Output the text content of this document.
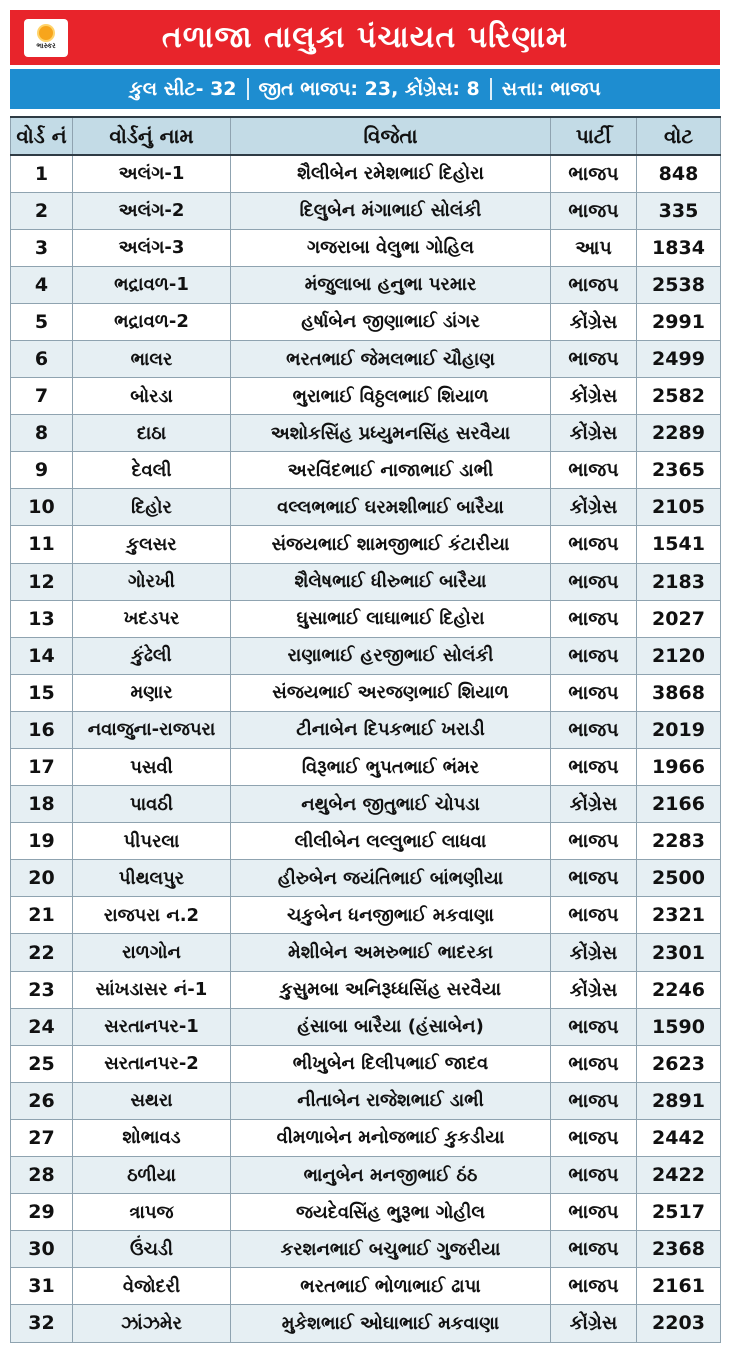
ભાસ્કર	તળાજા તાલુકા પંચાયત પરિણામ
કુલ સીટ- 32 જીત ભાજપ: 23, કોંગ્રેસ: 8 સત્તા: ભાજપ
વોર્ડ નં	વોર્ડનું નામ	વિજેતા	પાર્ટી	વોટ
1	અલંગ-1	શૈલીબેન રમેશભાઈ દિહોરા	ભાજપ	848
2	અલંગ-2	દિલુબેન મંગાભાઈ સોલંકી	ભાજપ	335
3	અલંગ-3	ગજરાબા વેલુભા ગોહિલ	આપ	1834
4	ભદ્રાવળ-1	મંજુલાબા હનુભા પરમાર	ભાજપ	2538
5	ભદ્રાવળ-2	હર્ષાબેન જીણાભાઈ ડાંગર	કોંગ્રેસ	2991
6	ભાલર	ભરતભાઈ જેમલભાઈ ચૌહાણ	ભાજપ	2499
7	બોરડા	ભુરાભાઈ વિઠ્ઠલભાઈ શિયાળ	કોંગ્રેસ	2582
8	દાઠા	અશોકસિંહ પ્રધ્યુમનસિંહ સરવૈયા	કોંગ્રેસ	2289
9	દેવલી	અરવિંદભાઈ નાજાભાઈ ડાભી	ભાજપ	2365
10	દિહોર	વલ્લભભાઈ ઘરમશીભાઈ બારૈયા	કોંગ્રેસ	2105
11	કુલસર	સંજયભાઈ શામજીભાઈ કંટારીયા	ભાજપ	1541
12	ગોરખી	શૈલેષભાઈ ધીરુભાઈ બારૈયા	ભાજપ	2183
13	ખદડપર	ઘુસાભાઈ લાઘાભાઈ દિહોરા	ભાજપ	2027
14	કુંઢેલી	રાણાભાઈ હરજીભાઈ સોલંકી	ભાજપ	2120
15	મણાર	સંજયભાઈ અરજણભાઈ શિયાળ	ભાજપ	3868
16	નવાજુના-રાજપરા	ટીનાબેન દિપકભાઈ ખરાડી	ભાજપ	2019
17	પસવી	વિરૂભાઈ ભુપતભાઈ ભંમર	ભાજપ	1966
18	પાવઠી	નથુબેન જીતુભાઈ ચોપડા	કોંગ્રેસ	2166
19	પીપરલા	લીલીબેન લલ્લુભાઈ લાધવા	ભાજપ	2283
20	પીથલપુર	હીરુબેન જયંતિભાઈ બાંભણીયા	ભાજપ	2500
21	રાજપરા ન.2	ચકુબેન ધનજીભાઈ મકવાણા	ભાજપ	2321
22	રાળગોન	મેશીબેન અમરુભાઈ ભાદરકા	કોંગ્રેસ	2301
23	સાંખડાસર નં-1	કુસુમબા અનિરૂધ્ધસિંહ સરવૈયા	કોંગ્રેસ	2246
24	સરતાનપર-1	હંસાબા બારૈયા (હંસાબેન)	ભાજપ	1590
25	સરતાનપર-2	ભીખુબેન દિલીપભાઈ જાદવ	ભાજપ	2623
26	સથરા	નીતાબેન રાજેશભાઈ ડાભી	ભાજપ	2891
27	શોભાવડ	વીમળાબેન મનોજભાઈ કુકડીયા	ભાજપ	2442
28	ઠળીયા	ભાનુબેન મનજીભાઈ ઠંઠ	ભાજપ	2422
29	ત્રાપજ	જયદેવસિંહ ભુરૂભા ગોહીલ	ભાજપ	2517
30	ઉંચડી	કરશનભાઈ બચુભાઈ ગુજરીયા	ભાજપ	2368
31	વેજોદરી	ભરતભાઈ ભોળાભાઈ ઢાપા	ભાજપ	2161
32	ઝાંઝમેર	મુકેશભાઈ ઓઘાભાઈ મકવાણા	કોંગ્રેસ	2203
